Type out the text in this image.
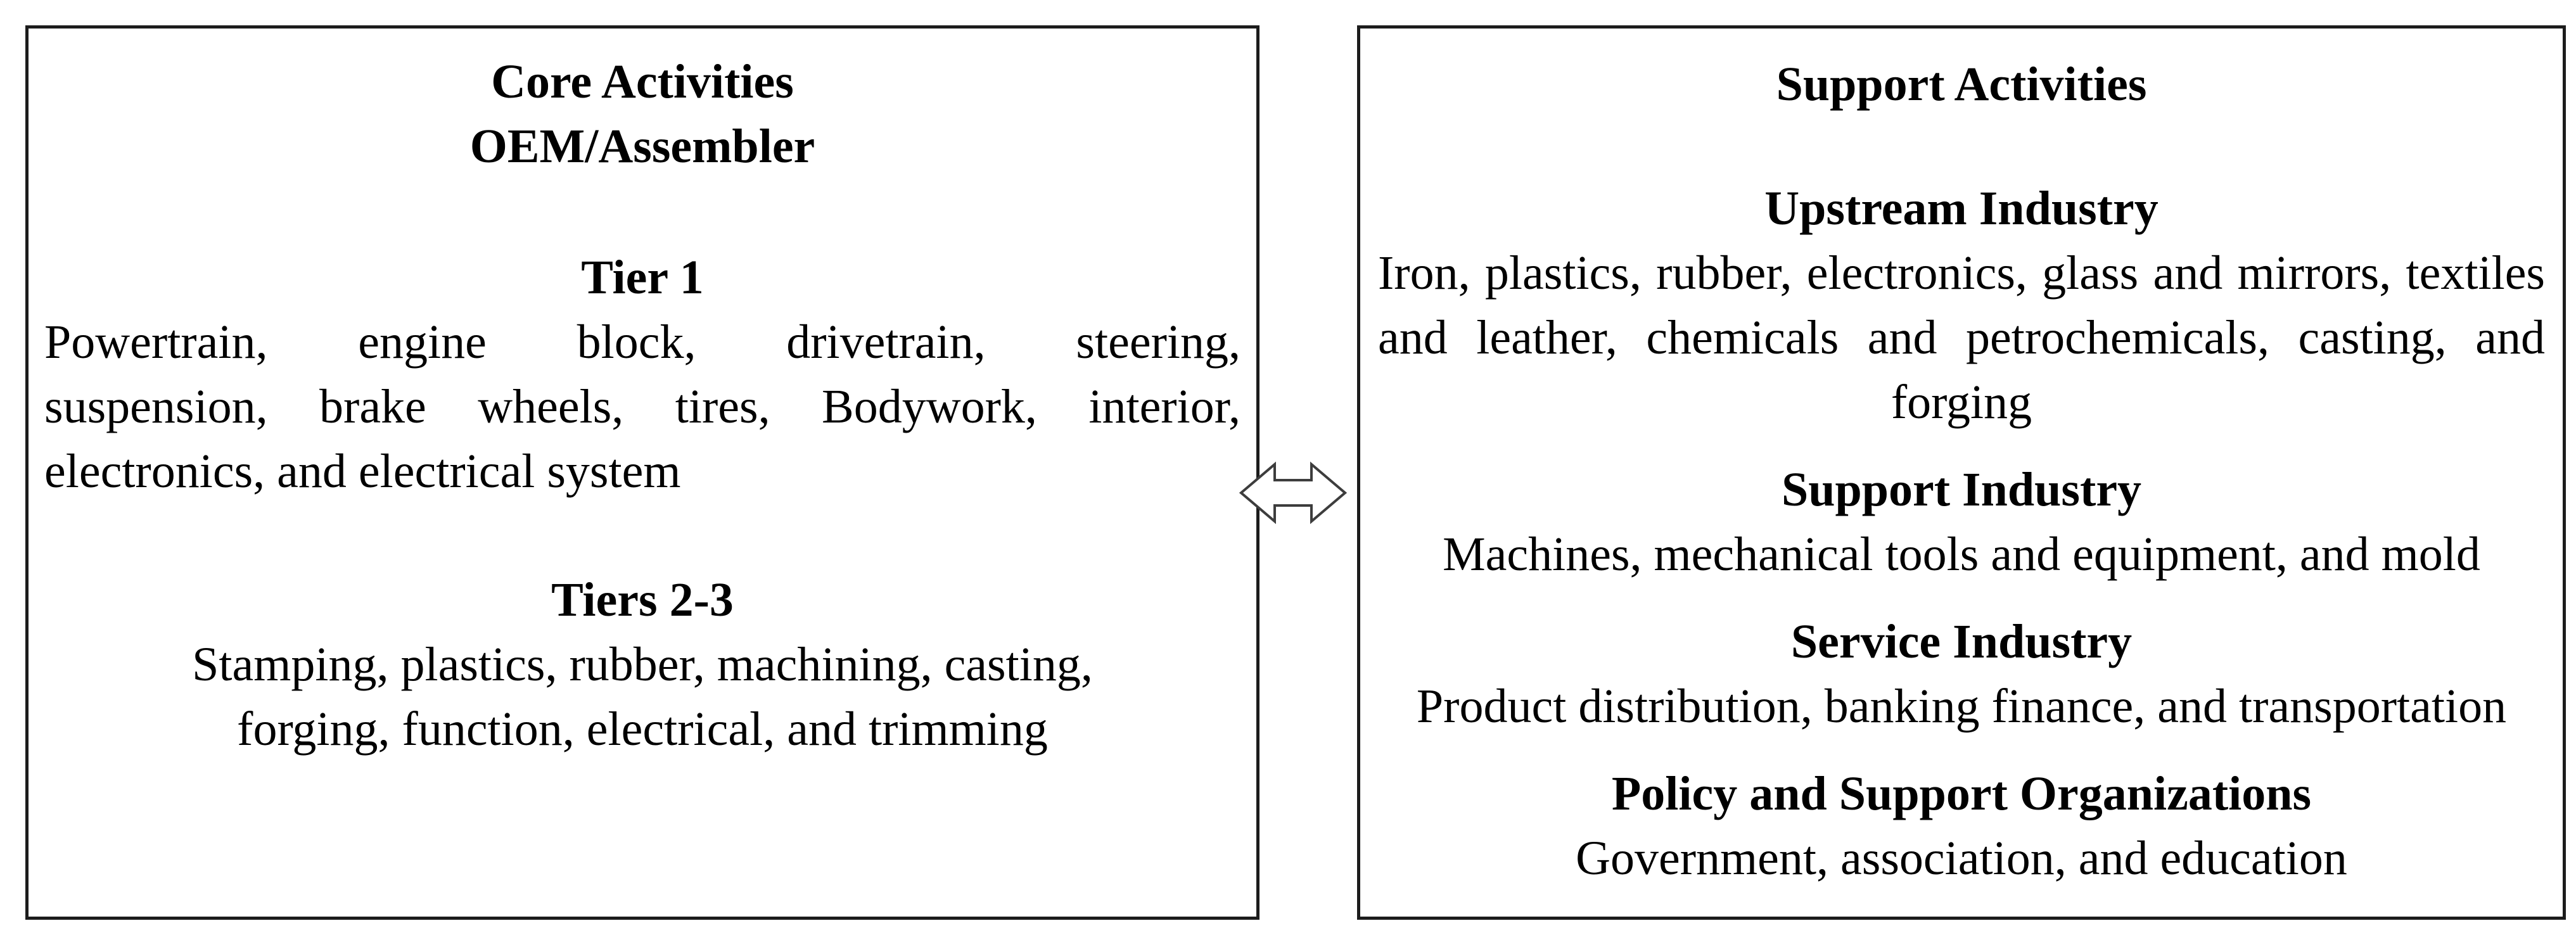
Core Activities
OEM/Assembler
Tier 1
Powertrain, engine block, drivetrain, steering,
suspension, brake wheels, tires, Bodywork, interior,
electronics, and electrical system
Tiers 2-3
Stamping, plastics, rubber, machining, casting,
forging, function, electrical, and trimming
Support Activities
Upstream Industry
Iron, plastics, rubber, electronics, glass and mirrors, textiles
and leather, chemicals and petrochemicals, casting, and
forging
Support Industry
Machines, mechanical tools and equipment, and mold
Service Industry
Product distribution, banking finance, and transportation
Policy and Support Organizations
Government, association, and education
